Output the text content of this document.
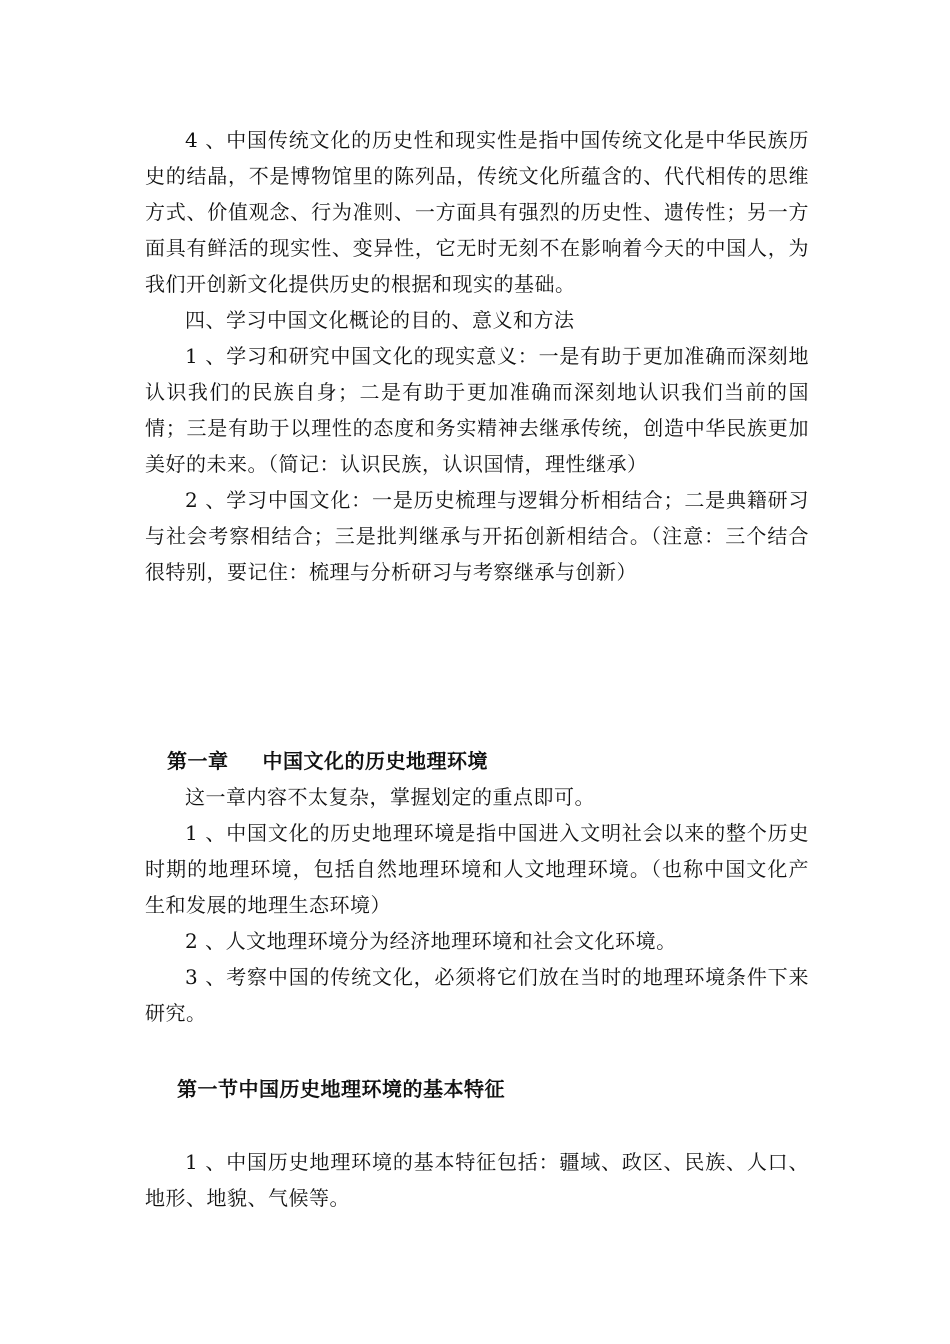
4 、中国传统文化的历史性和现实性是指中国传统文化是中华民族历史的结晶，不是博物馆里的陈列品，传统文化所蕴含的、代代相传的思维方式、价值观念、行为准则、一方面具有强烈的历史性、遗传性；另一方面具有鲜活的现实性、变异性，它无时无刻不在影响着今天的中国人，为我们开创新文化提供历史的根据和现实的基础。

四、学习中国文化概论的目的、意义和方法

1 、学习和研究中国文化的现实意义：一是有助于更加准确而深刻地认识我们的民族自身；二是有助于更加准确而深刻地认识我们当前的国情；三是有助于以理性的态度和务实精神去继承传统，创造中华民族更加美好的未来。（简记：认识民族，认识国情，理性继承）

2 、学习中国文化：一是历史梳理与逻辑分析相结合；二是典籍研习与社会考察相结合；三是批判继承与开拓创新相结合。（注意：三个结合很特别，要记住：梳理与分析研习与考察继承与创新）

第一章 中国文化的历史地理环境

这一章内容不太复杂，掌握划定的重点即可。

1 、中国文化的历史地理环境是指中国进入文明社会以来的整个历史时期的地理环境，包括自然地理环境和人文地理环境。（也称中国文化产生和发展的地理生态环境）

2 、人文地理环境分为经济地理环境和社会文化环境。

3 、考察中国的传统文化，必须将它们放在当时的地理环境条件下来研究。

第一节中国历史地理环境的基本特征

1 、中国历史地理环境的基本特征包括：疆域、政区、民族、人口、地形、地貌、气候等。
